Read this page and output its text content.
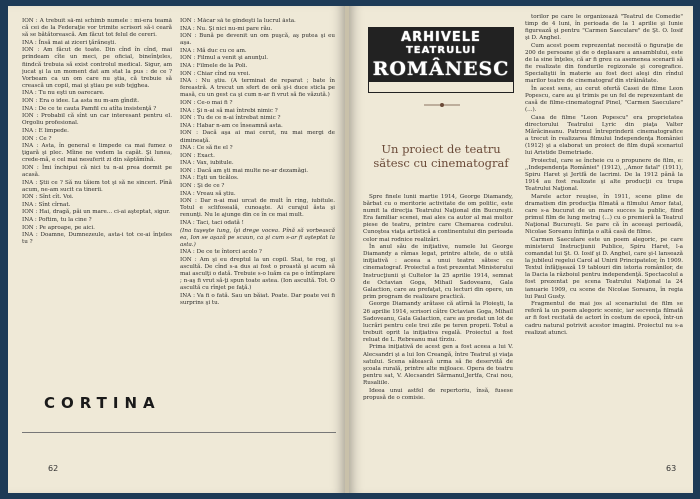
ION : A trebuit să-mi schimb numele : mi-era teamă că cei de la Federaţie vor trimite scrisori să-i ceară să se bătătorească. Am făcut tot felul de cereri.

INA : Însă mai ai ziceri ţărăneşti.

ION : Am făcut de toate. Din cînd în cînd, mai prindeam cîte un meci, pe oficial, bineînţeles, fiindcă trebuia să exist controlul medical. Sigur, am jucat şi la un moment dat am stat la pus : de ce ? Vorbeam ca un om care nu ştia, că trebuie să crească un copil, mai şi ştiau pe sub tejghea.

INA : Tu nu eşti un oarecare.

ION : Era o idee. La asta nu m-am gîndit.

INA : De ce te cauta Pamfil cu atîta insistenţă ?

ION : Probabil că sînt un car interesant pentru el. Orgoliu profesional.

INA : E limpede.

ION : Ce ?

INA : Asta, în general e limpede ca mai fumez o ţigară şi plec. Mîine ne vedem la capăt. Şi lunea, crede-mă, e cel mai nesuferit zi din săptămînă.

ION : Îmi închipui că nici tu n-ai prea dormit pe acasă.

INA : Ştii ce ? Să nu tăiem tot şi să ne sinceri. Pînă acum, ne-am sucit ca tinerii.

ION : Sînt cît. Voi.

INA : Sînt cîrnat.

ION : Hai, dragă, păi un mare... ci-ai aşteptat, sigur.

INA : Poftim, tu la cine ?

ION : Pe aproape, pe aici.

INA : Doamne, Dumnezeule, asta-i tot ce-ai înţeles tu ?

ION : Măcar să te gîndeşti la lucrul ăsta.

INA : Nu. Şi nici nu-mi pare rău.

ION : Bună pe devenit un om puşcă, aş putea şi eu aşa.

INA : Mă duc cu ce am.

ION : Filmul a venit şi anunţul.

INA : Filmele de la Poli.

ION : Chiar cînd nu vrei.

INA : Nu ştiu. (A terminat de reparat ; bate în fereastră. A trecut un sfert de oră şi-i duce sticla pe masă, cu un gest ca şi cum n-ar fi vrut să fie văzută.)

ION : Ce-o mai fi ?

INA : Şi n-ai să mai întrebi nimic ?

ION : Tu de ce n-ai întrebat nimic ?

INA : Habar n-am ce înseamnă asta.

ION : Dacă aşa ai mai cerut, nu mai mergi de dimineaţă.

INA : Ce să fie el ?

ION : Exact.

INA : Vax, iubitule.

ION : Dacă am şti mai multe ne-ar dezamăgi.

INA : Eşti un ticălos.

ION : Şi de ce ?

INA : Vreau să ştiu.

ION : Dar n-ai mai urcat de mult în ring, iubitule. Totul e sclifoseală, cunoaşte. Ai curajul ăsta şi renunţi. Nu le ajunge din ce în ce mai mult.

INA : Taci, taci odată !

(Ina tuşeşte lung, îşi drege vocea. Pînă să vorbească ea, Ion se aşază pe scaun, ca şi cum s-ar fi aşteptat la asta.)

INA : De ce te întorci acolo ?

ION : Am şi eu dreptul la un copil. Stai, te rog, şi ascultă. De cînd s-a dus ai fost o proastă şi acum să mai asculţi o dată. Trebuie s-o luăm ca pe o întîmplare ; n-aş fi vrut să-ţi spun toate astea. (Ion ascultă. Tot. O ascultă cu rînjet pe faţă.)

INA : Va fi o fată. Sau un băiat. Poate. Dar poate vei fi surprins şi tu.

CORTINA
62
ARHIVELE
TEATRULUI
ROMÂNESC
Un proiect de teatru sătesc cu cinematograf

Spre finele lunii martie 1914, George Diamandy, bărbat cu o meritorie activitate de om politic, este numit la direcţia Teatrului Naţional din Bucureşti. Era familiar scenei, mai ales ca autor al mai multor piese de teatru, printre care Chemarea codrului. Cunoştea viaţa artistică a continentului din perioada celor mai rodnice realizări.

În anul său de iniţiative, numele lui George Diamandy a rămas legat, printre altele, de o utilă iniţiativă : aceea a unui teatru sătesc cu cinematograf. Proiectul a fost prezentat Ministerului Instrucţiunii şi Cultelor la 25 aprilie 1914, semnat de Octavian Goga, Mihail Sadoveanu, Gala Galaction, care au prefaţat, cu lecturi din opere, un prim program de realizare practică.

George Diamandy arătase că atîrnă la Ploieşti, la 26 aprilie 1914, scrisori către Octavian Goga, Mihail Sadoveanu, Gala Galaction, care au predat un lot de lucrări pentru cele trei zile pe teren proprii. Totul a trebuit oprit la iniţiativa regală. Proiectul a fost reluat de L. Rebreanu mai tîrziu.

Prima iniţiativă de acest gen a fost aceea a lui V. Alecsandri şi a lui Ion Creangă, între Teatrul şi viaţa satului. Scena sătească urma să fie deservită de şcoala rurală, printre alte mijloace. Opera de teatru pentru sat, V. Alecsandri Sărmanul,Jertfa, Crai nou, Rusaliile.

Ideea unui astfel de repertoriu, însă, fusese propusă de o comisie.

torilor pe care le organizează "Teatrul de Comedie" timp de 4 luni, în perioada de la 1 aprilie şi Iunie figurează şi pentru "Carmen Saeculare" de Şt. O. Iosif şi D. Anghel.

Cum acest poem reprezentat necesită o figuraţie de 200 de persoane şi de o deplasare a ansamblului, este de la sine înţeles, că ar fi greu ca asemenea scenarii să fie realizate din fondurile regizorale şi coregrafice. Specialiştii în materie au fost deci aleşi din rîndul marilor teatre de cinematograf din străinătate.

În acest sens, au cerut ofertă Casei de filme Leon Popescu, care au şi trimis pe un fel de reprezentant de casă de filme-cinematograf Pinel, "Carmen Saeculare" (...).

Casa de filme "Leon Popescu" era proprietatea directorului Teatrului Lyric din piaţa Valter Mărăcineanu. Patronul întreprinderii cinematografice a trecut în realizarea filmului Independenţa României (1912) şi a elaborat un proiect de film după scenariul lui Aristide Demetriade.

Proiectul, care se încheie cu o propunere de film, e: ,,Independenţa României" (1912), ,,Amor fatal" (1911), Spiru Haret şi Jertfă de lacrimi. De la 1912 până la 1914 au fost realizate şi alte producţii cu trupa Teatrului Naţional.

Marele actor reuşise, în 1911, scene pline de dramatism din producţia filmată a filmului Amor fatal, care s-a bucurat de un mare succes la public, fiind primul film de lung metraj (...) cu o premieră la Teatrul Naţional Bucureşti. Se pare că în aceeaşi perioadă, Nicolae Soreanu înfiinţa o altă casă de filme.

Carmen Saeculare este un poem alegoric, pe care ministerul Instrucţiunii Publice, Spiru Haret, l-a comandat lui Şt. O. Iosif şi D. Anghel, care şi-l lansează la jubileul regelui Carol al Unirii Principatelor, în 1909. Textul înfăţişează 19 tablouri din istoria românilor, de la Dacia la războiul pentru independenţă. Spectacolul a fost prezentat pe scena Teatrului Naţional la 24 ianuarie 1909, cu scene de Nicolae Soreanu, în regia lui Paul Gusty.

Fragmentul de mai jos al scenariului de film se referă la un poem alegoric scenic, iar secvenţa filmată ar fi fost recitată de actori în costum de epocă, într-un cadru natural potrivit acestor imagini. Proiectul nu s-a realizat atunci.

63
